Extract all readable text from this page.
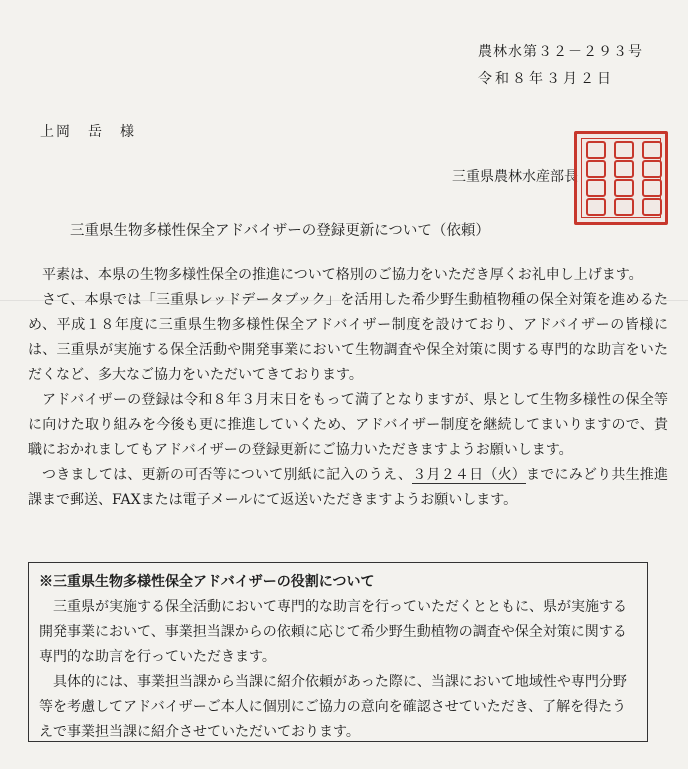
農林水第３２－２９３号
令和８年３月２日
上岡　岳　様
三重県農林水産部長
三重県生物多様性保全アドバイザーの登録更新について（依頼）

平素は、本県の生物多様性保全の推進について格別のご協力をいただき厚くお礼申し上げます。

さて、本県では「三重県レッドデータブック」を活用した希少野生動植物種の保全対策を進めるため、平成１８年度に三重県生物多様性保全アドバイザー制度を設けており、アドバイザーの皆様には、三重県が実施する保全活動や開発事業において生物調査や保全対策に関する専門的な助言をいただくなど、多大なご協力をいただいてきております。

アドバイザーの登録は令和８年３月末日をもって満了となりますが、県として生物多様性の保全等に向けた取り組みを今後も更に推進していくため、アドバイザー制度を継続してまいりますので、貴職におかれましてもアドバイザーの登録更新にご協力いただきますようお願いします。

つきましては、更新の可否等について別紙に記入のうえ、３月２４日（火）までにみどり共生推進課まで郵送、FAXまたは電子メールにて返送いただきますようお願いします。

※三重県生物多様性保全アドバイザーの役割について

三重県が実施する保全活動において専門的な助言を行っていただくとともに、県が実施する開発事業において、事業担当課からの依頼に応じて希少野生動植物の調査や保全対策に関する専門的な助言を行っていただきます。

具体的には、事業担当課から当課に紹介依頼があった際に、当課において地域性や専門分野等を考慮してアドバイザーご本人に個別にご協力の意向を確認させていただき、了解を得たうえで事業担当課に紹介させていただいております。
